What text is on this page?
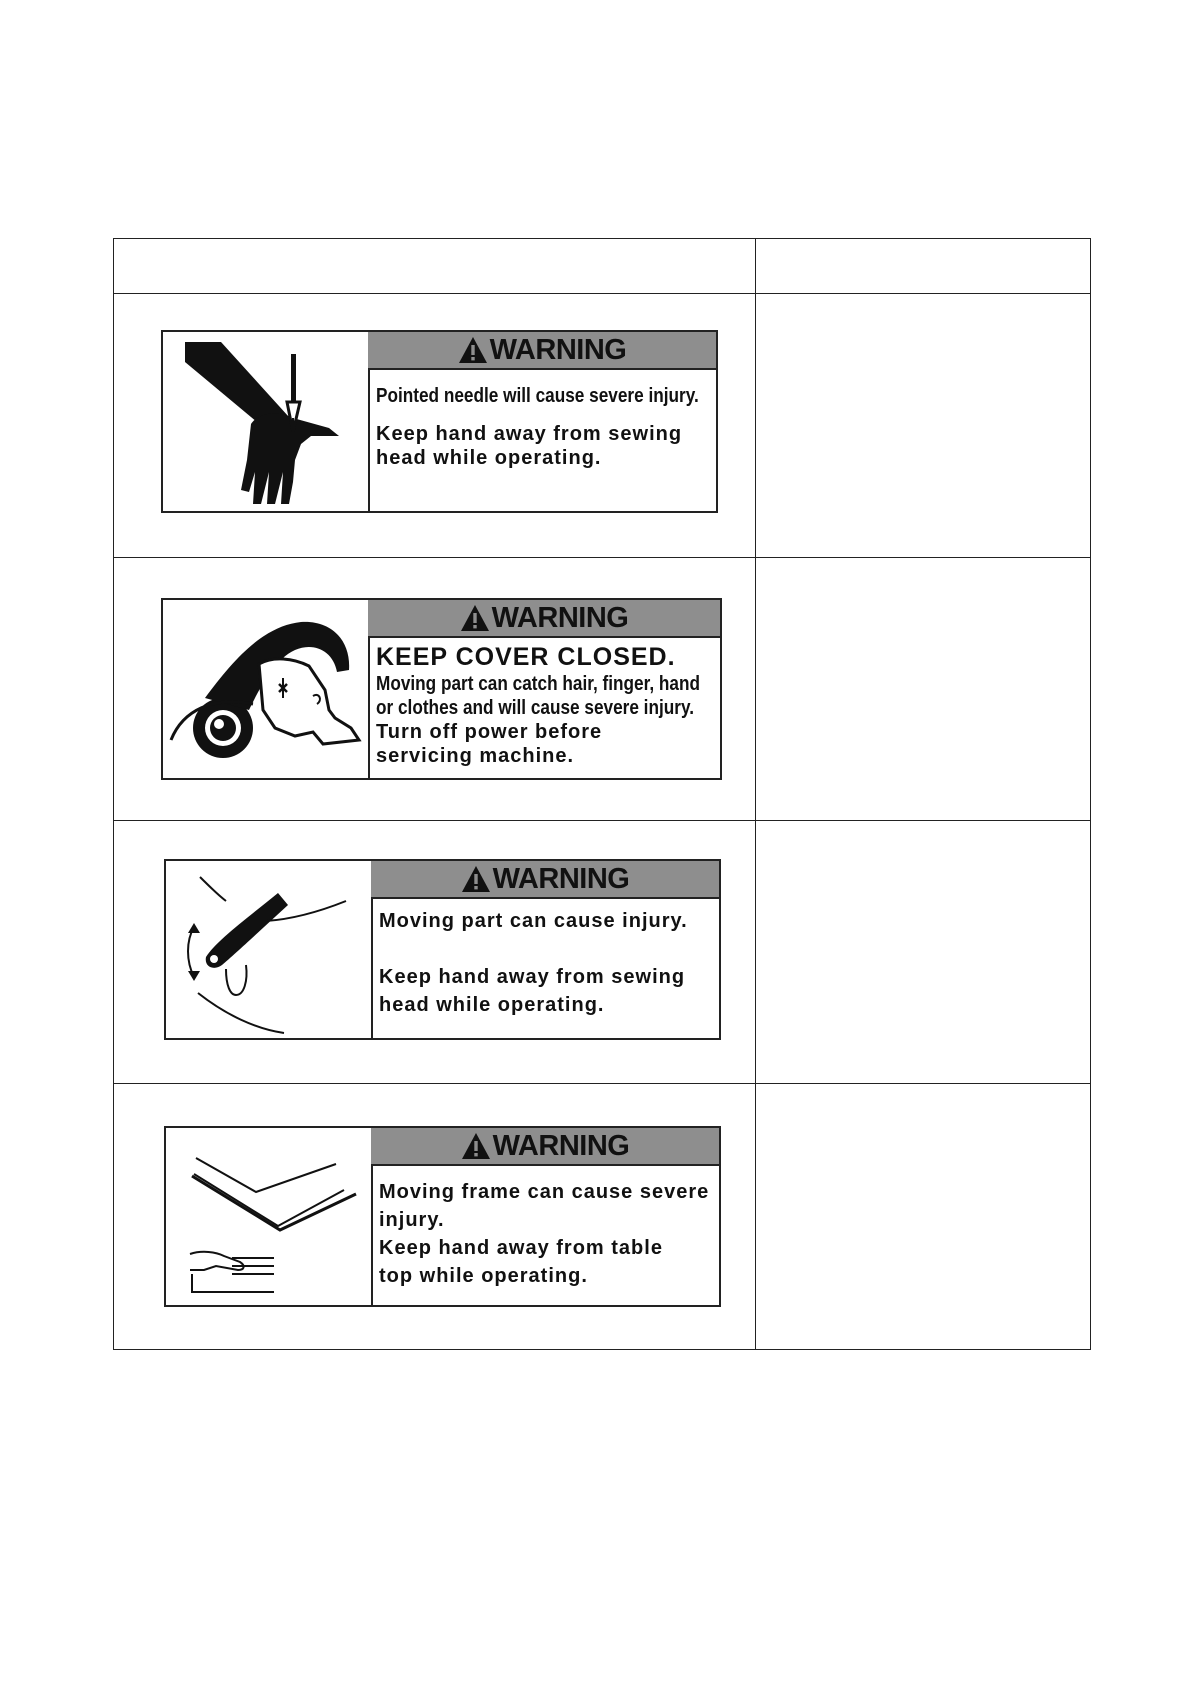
WARNING
Pointed needle will cause severe injury.
Keep hand away from sewing
head while operating.
WARNING
KEEP COVER CLOSED.
Moving part can catch hair, finger, hand
or clothes and will cause severe injury.
Turn off power before
servicing machine.
WARNING
Moving part can cause injury.
Keep hand away from sewing
head while operating.
WARNING
Moving frame can cause severe
injury.
Keep hand away from table
top while operating.
